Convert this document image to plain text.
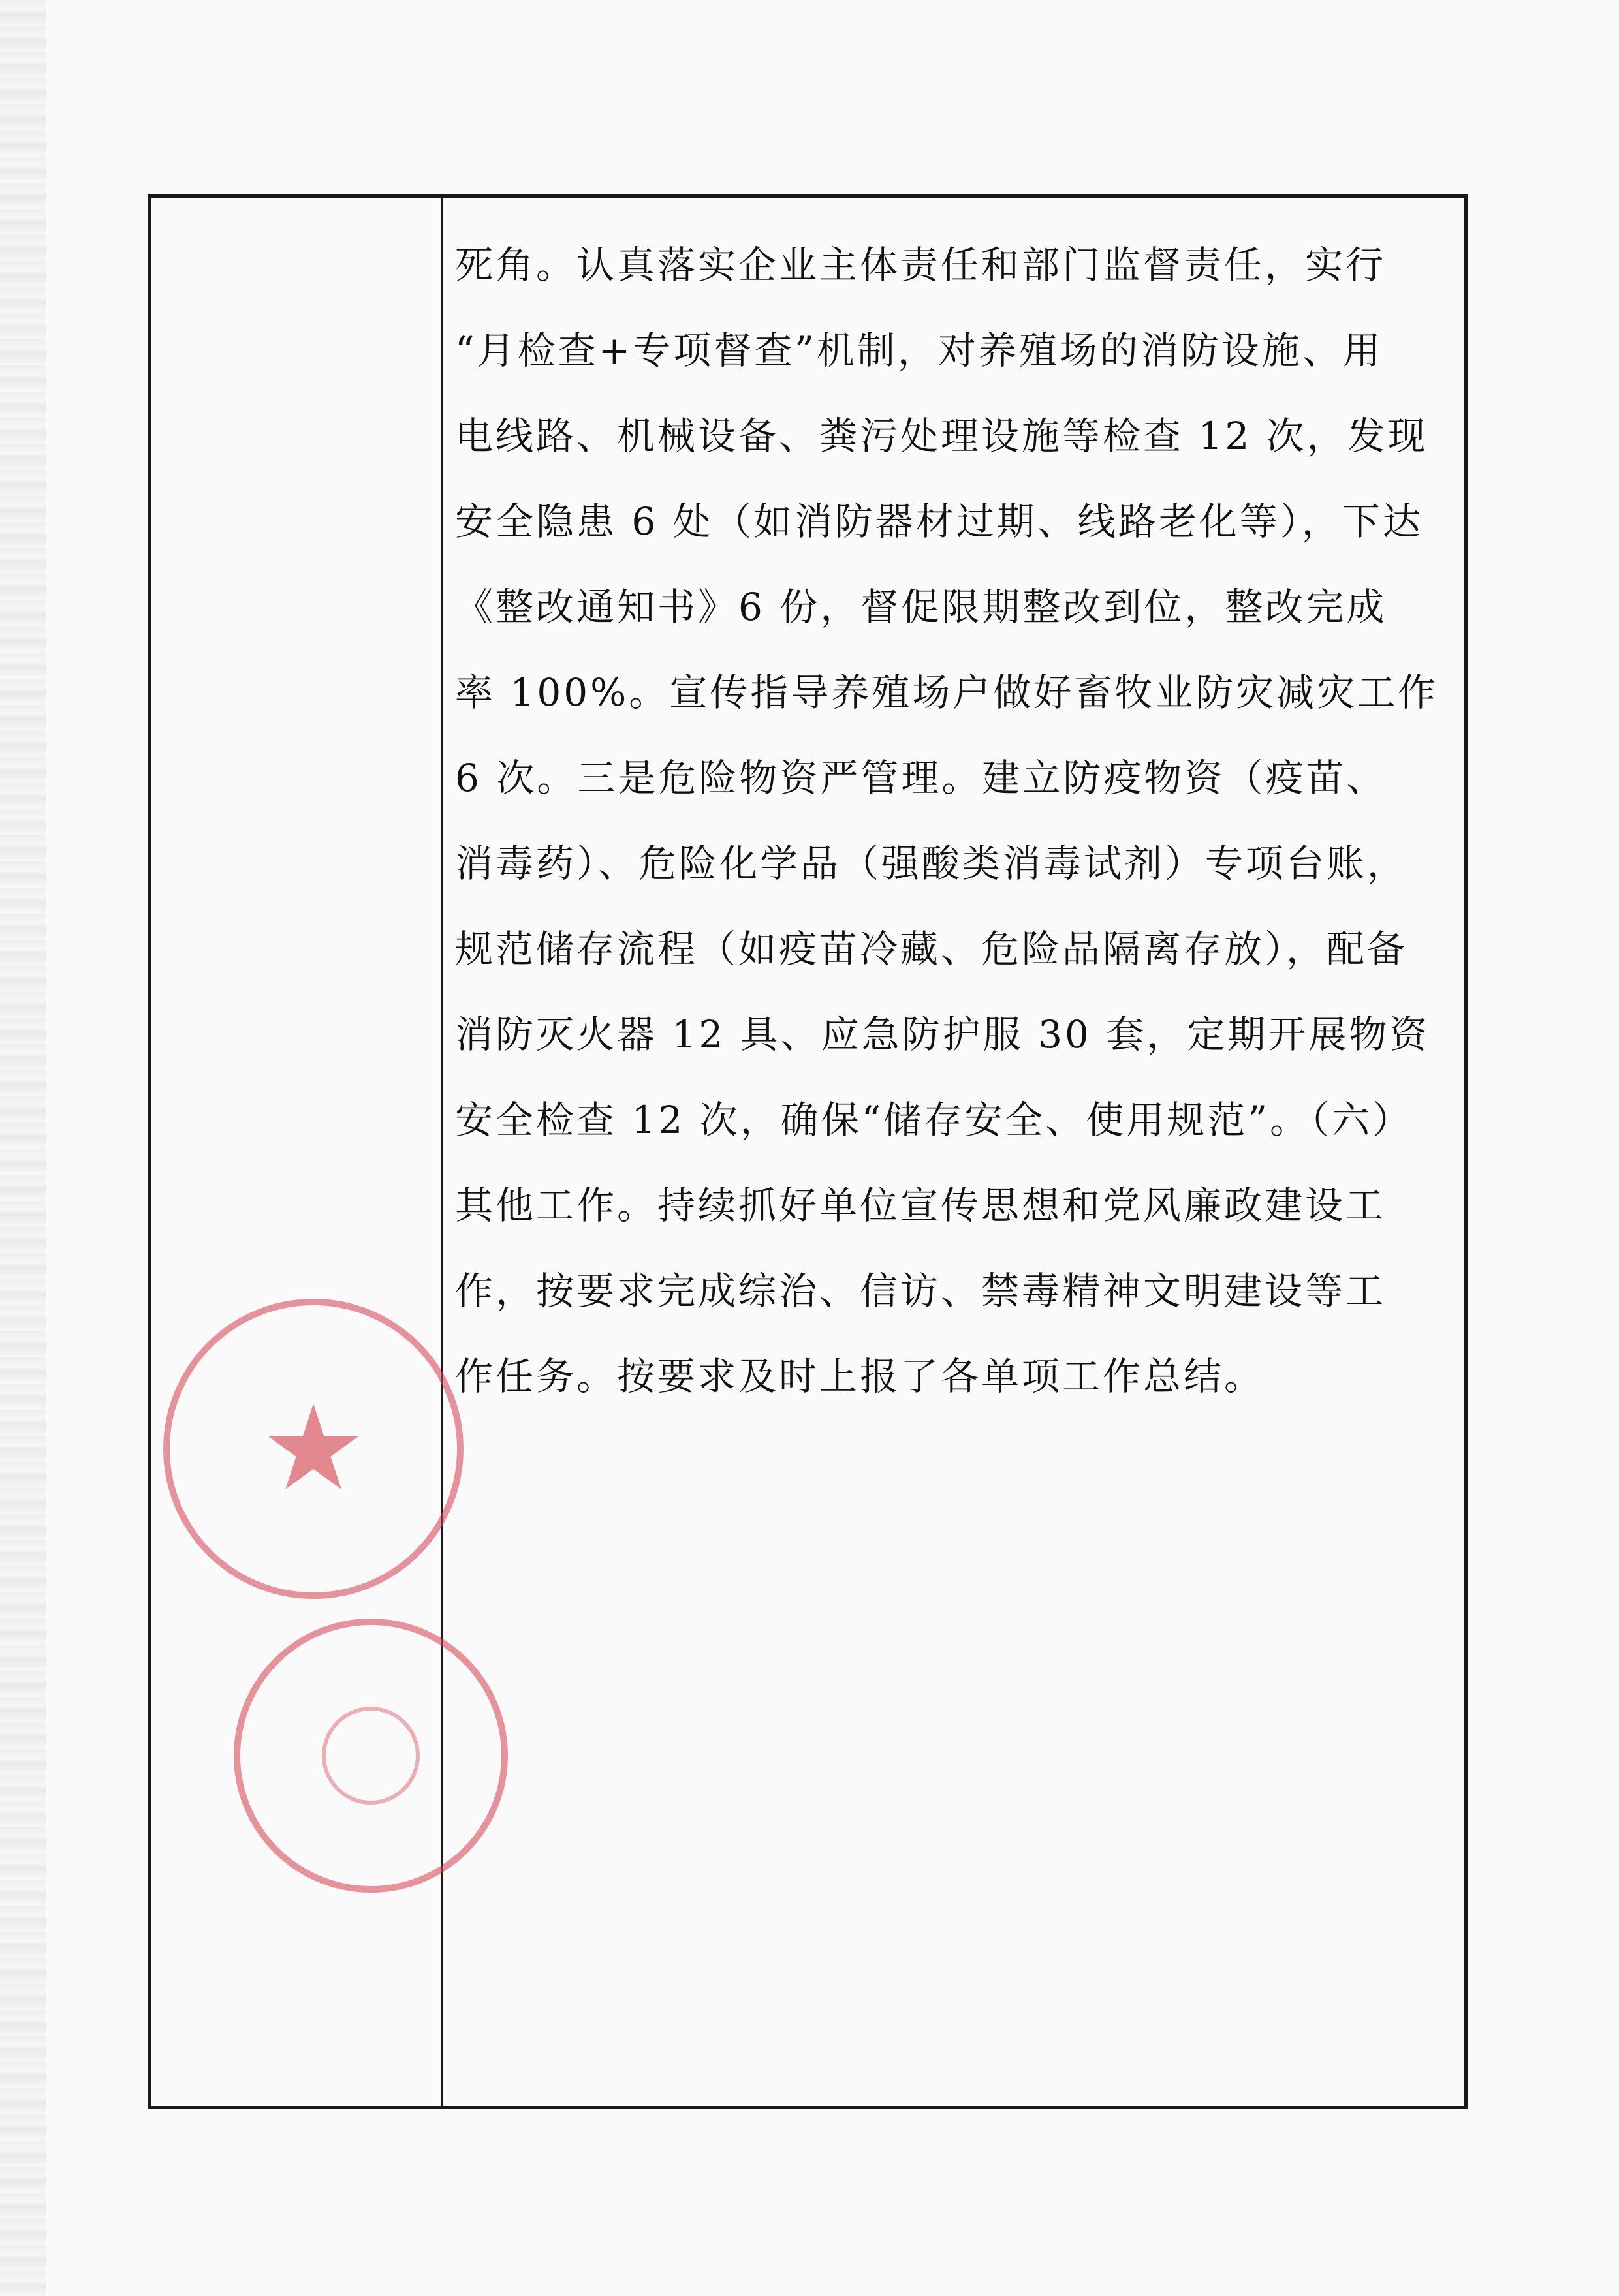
死角。认真落实企业主体责任和部门监督责任，实行
“月检查+专项督查”机制，对养殖场的消防设施、用
电线路、机械设备、粪污处理设施等检查 12 次，发现
安全隐患 6 处（如消防器材过期、线路老化等），下达
《整改通知书》6 份，督促限期整改到位，整改完成
率 100%。宣传指导养殖场户做好畜牧业防灾减灾工作
6 次。三是危险物资严管理。建立防疫物资（疫苗、
消毒药）、危险化学品（强酸类消毒试剂）专项台账，
规范储存流程（如疫苗冷藏、危险品隔离存放），配备
消防灭火器 12 具、应急防护服 30 套，定期开展物资
安全检查 12 次，确保“储存安全、使用规范”。（六）
其他工作。持续抓好单位宣传思想和党风廉政建设工
作，按要求完成综治、信访、禁毒精神文明建设等工
作任务。按要求及时上报了各单项工作总结。
★
